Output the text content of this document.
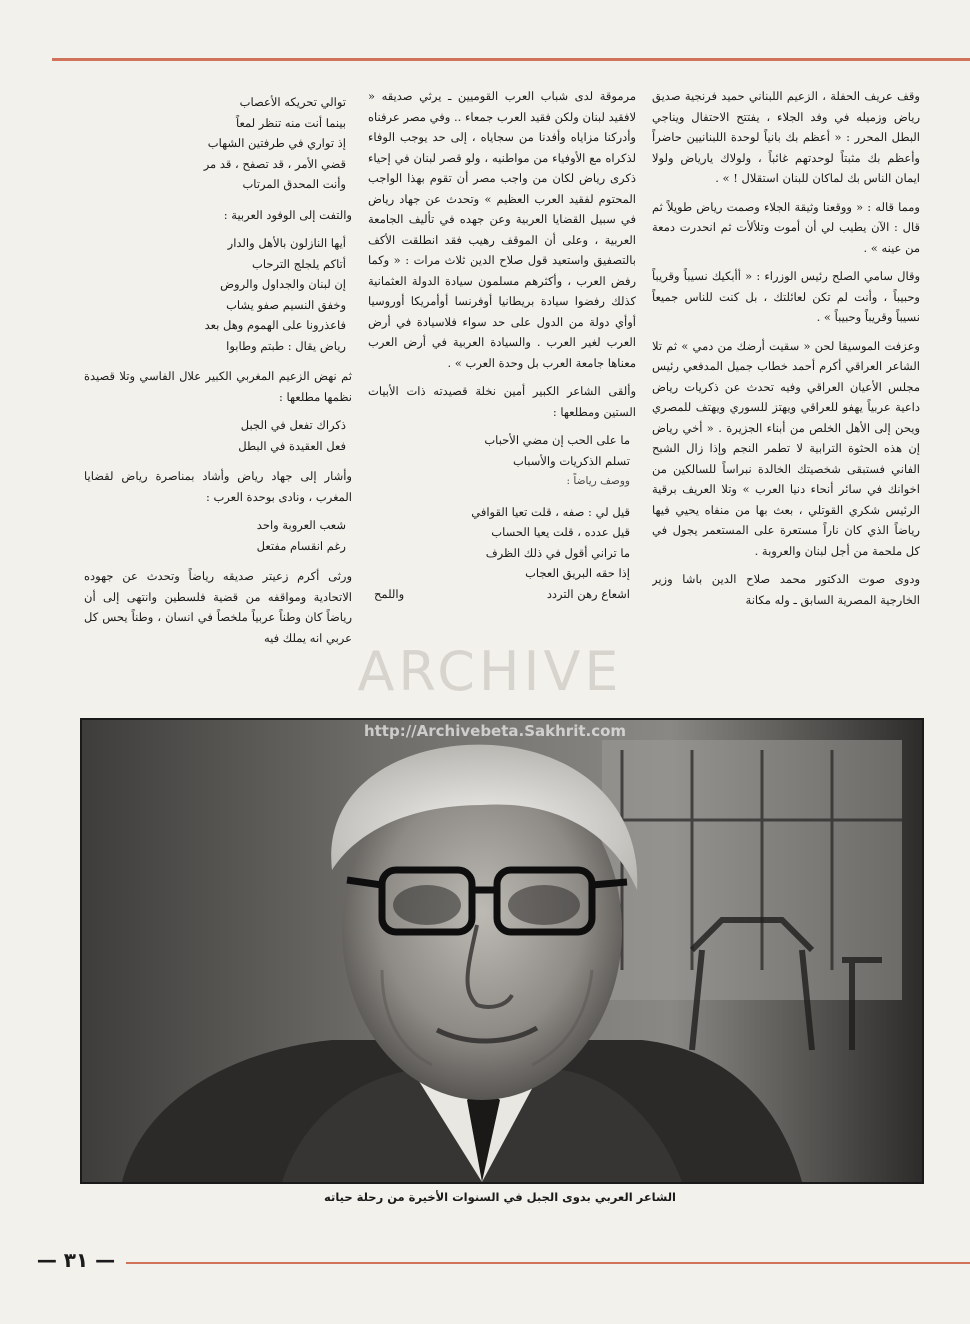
وقف عريف الحفلة ، الزعيم اللبناني حميد فرنجية صديق رياض وزميله في وفد الجلاء ، يفتتح الاحتفال ويناجي البطل المحرر : « أعظم بك بانياً لوحدة اللبنانيين حاضراً وأعظم بك مثبتاً لوحدتهم غائباً ، ولولاك يارياض ولولا ايمان الناس بك لماكان للبنان استقلال ! » .

ومما قاله : « ووقعنا وثيقة الجلاء وصمت رياض طويلاً ثم قال : الآن يطيب لي أن أموت وتلألأت ثم انحدرت دمعة من عينه » .

وقال سامي الصلح رئيس الوزراء : « أأبكيك نسيباً وقريباً وحبيباً ، وأنت لم تكن لعائلتك ، بل كنت للناس جميعاً نسيباً وقريباً وحبيباً » .

وعزفت الموسيقا لحن « سقيت أرضك من دمي » ثم تلا الشاعر العراقي أكرم أحمد خطاب جميل المدفعي رئيس مجلس الأعيان العراقي وفيه تحدث عن ذكريات رياض داعية عربياً يهفو للعراقي ويهتز للسوري ويهتف للمصري ويحن إلى الأهل الخلص من أبناء الجزيرة . « أخي رياض إن هذه الحثوة الترابية لا تطمر النجم وإذا زال الشبح الفاني فستبقى شخصيتك الخالدة نبراساً للسالكين من اخوانك في سائر أنحاء دنيا العرب » وتلا العريف برقية الرئيس شكري القوتلي ، بعث بها من منفاه يحيي فيها رياضاً الذي كان ناراً مستعرة على المستعمر يجول في كل ملحمة من أجل لبنان والعروبة .

ودوى صوت الدكتور محمد صلاح الدين باشا وزير الخارجية المصرية السابق ـ وله مكانة

مرموقة لدى شباب العرب القوميين ـ يرثي صديقه « لافقيد لبنان ولكن فقيد العرب جمعاء .. وفي مصر عرفناه وأدركنا مزاياه وأفدنا من سجاياه ، إلى حد يوجب الوفاء لذكراه مع الأوفياء من مواطنيه ، ولو قصر لبنان في إحياء ذكرى رياض لكان من واجب مصر أن تقوم بهذا الواجب المحتوم لفقيد العرب العظيم » وتحدث عن جهاد رياض في سبيل القضايا العربية وعن جهده في تأليف الجامعة العربية ، وعلى أن الموقف رهيب فقد انطلقت الأكف بالتصفيق واستعيد قول صلاح الدين ثلاث مرات : « وكما رفض العرب ، وأكثرهم مسلمون سيادة الدولة العثمانية كذلك رفضوا سيادة بريطانيا أوفرنسا أوأمريكا أوروسيا أوأي دولة من الدول على حد سواء فلاسيادة في أرض العرب لغير العرب . والسيادة العربية في أرض العرب معناها جامعة العرب بل وحدة العرب » .

وألقى الشاعر الكبير أمين نخلة قصيدته ذات الأبيات الستين ومطلعها :

ما على الحب إن مضي الأحباب
تسلم الذكريات والأسباب
ووصف رياضاً :
قيل لي : صفه ، قلت تعيا القوافي
قيل عدده ، قلت يعيا الحساب
ما تراني أقول في ذلك الظرف
إذا حقه البريق العجاب
اشعاع رهن التردد
واللمح
توالي تحريكه الأعصاب
بينما أنت منه تنظر لمعاً
إذ تواري في طرفتين الشهاب
قضي الأمر ، قد تصفح ، قد مر
وأنت المحدق المرتاب

والتفت إلى الوفود العربية :

أيها النازلون بالأهل والدار
أتاكم يلجلج الترحاب
إن لبنان والجداول والروض
وخفق النسيم صفو يشاب
فاعذرونا على الهموم وهل بعد
رياض يقال : طبتم وطابوا

ثم نهض الزعيم المغربي الكبير علال الفاسي وتلا قصيدة نظمها مطلعها :

ذكراك تفعل في الجبل
فعل العقيدة في البطل

وأشار إلى جهاد رياض وأشاد بمناصرة رياض لقضايا المغرب ، ونادى بوحدة العرب :

شعب العروبة واحد
رغم انقسام مفتعل

ورثى أكرم زعيتر صديقه رياضاً وتحدث عن جهوده الاتحادية ومواقفه من قضية فلسطين وانتهى إلى أن رياضاً كان وطناً عربياً ملخصاً في انسان ، وطناً يحس كل عربي انه يملك فيه

ARCHIVE
http://Archivebeta.Sakhrit.com
الشاعر العربي بدوى الجبل في السنوات الأخيرة من رحلة حياته
— ٣١ —
